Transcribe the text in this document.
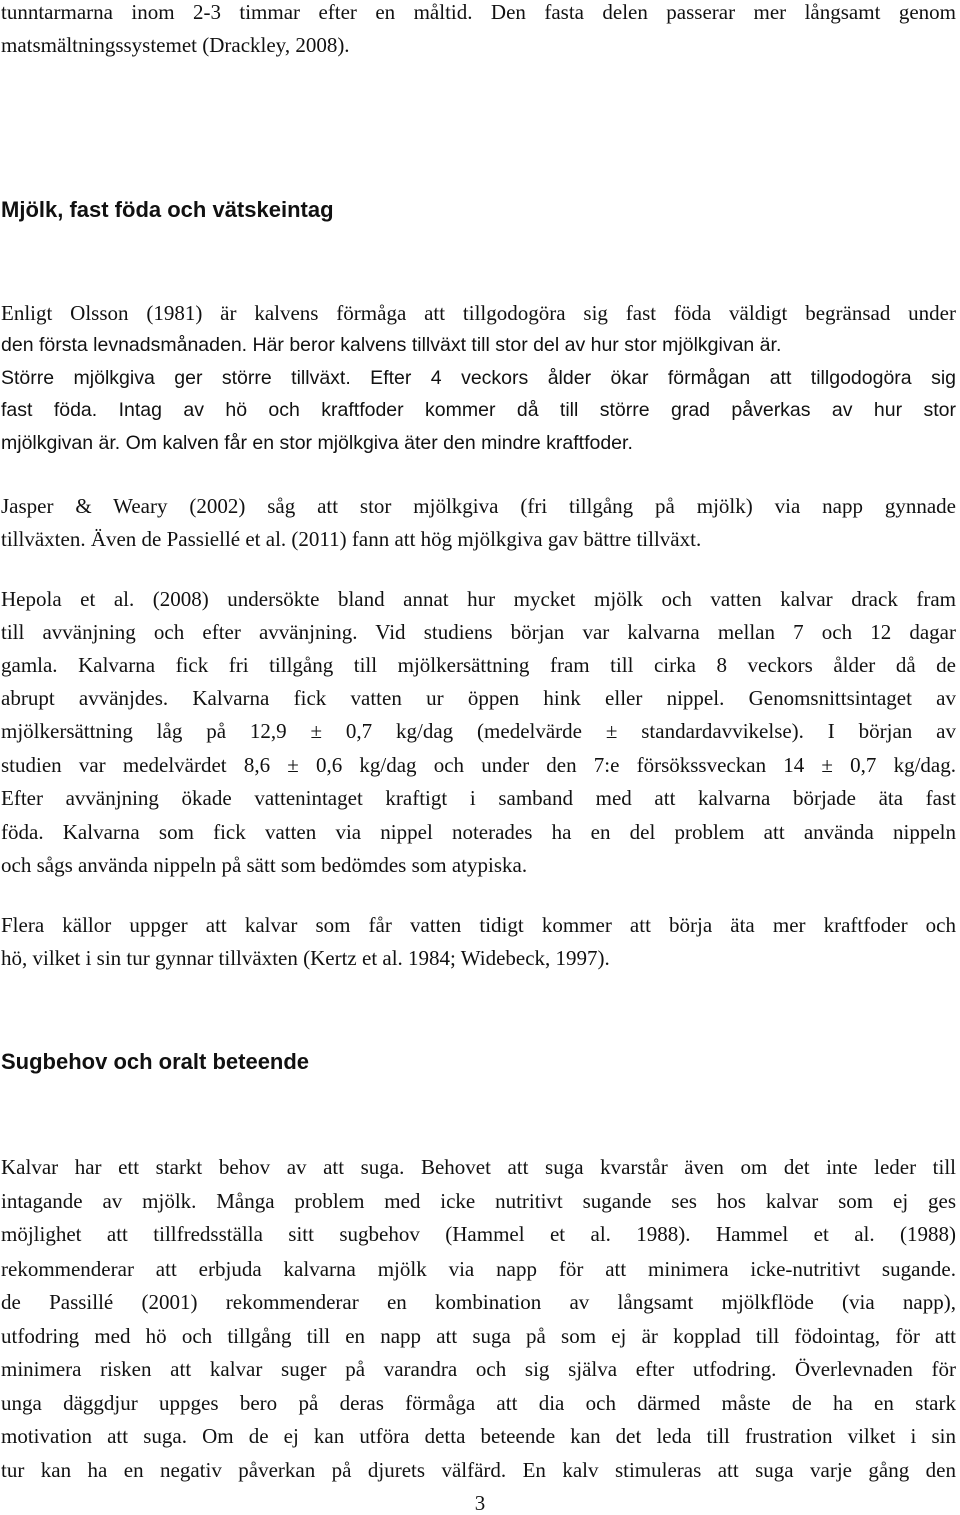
tunntarmarna inom 2-3 timmar efter en måltid. Den fasta delen passerar mer långsamt genom
matsmältningssystemet (Drackley, 2008).
Mjölk, fast föda och vätskeintag
Enligt Olsson (1981) är kalvens förmåga att tillgodogöra sig fast föda väldigt begränsad under
den första levnadsmånaden. Här beror kalvens tillväxt till stor del av hur stor mjölkgivan är.
Större mjölkgiva ger större tillväxt. Efter 4 veckors ålder ökar förmågan att tillgodogöra sig
fast föda. Intag av hö och kraftfoder kommer då till större grad påverkas av hur stor
mjölkgivan är. Om kalven får en stor mjölkgiva äter den mindre kraftfoder.
Jasper & Weary (2002) såg att stor mjölkgiva (fri tillgång på mjölk) via napp gynnade
tillväxten. Även de Passiellé et al. (2011) fann att hög mjölkgiva gav bättre tillväxt.
Hepola et al. (2008) undersökte bland annat hur mycket mjölk och vatten kalvar drack fram
till avvänjning och efter avvänjning. Vid studiens början var kalvarna mellan 7 och 12 dagar
gamla. Kalvarna fick fri tillgång till mjölkersättning fram till cirka 8 veckors ålder då de
abrupt avvänjdes. Kalvarna fick vatten ur öppen hink eller nippel. Genomsnittsintaget av
mjölkersättning låg på 12,9 ± 0,7 kg/dag (medelvärde ± standardavvikelse). I början av
studien var medelvärdet 8,6 ± 0,6 kg/dag och under den 7:e försökssveckan 14 ± 0,7 kg/dag.
Efter avvänjning ökade vattenintaget kraftigt i samband med att kalvarna började äta fast
föda. Kalvarna som fick vatten via nippel noterades ha en del problem att använda nippeln
och sågs använda nippeln på sätt som bedömdes som atypiska.
Flera källor uppger att kalvar som får vatten tidigt kommer att börja äta mer kraftfoder och
hö, vilket i sin tur gynnar tillväxten (Kertz et al. 1984; Widebeck, 1997).
Sugbehov och oralt beteende
Kalvar har ett starkt behov av att suga. Behovet att suga kvarstår även om det inte leder till
intagande av mjölk. Många problem med icke nutritivt sugande ses hos kalvar som ej ges
möjlighet att tillfredsställa sitt sugbehov (Hammel et al. 1988). Hammel et al. (1988)
rekommenderar att erbjuda kalvarna mjölk via napp för att minimera icke-nutritivt sugande.
de Passillé (2001) rekommenderar en kombination av långsamt mjölkflöde (via napp),
utfodring med hö och tillgång till en napp att suga på som ej är kopplad till födointag, för att
minimera risken att kalvar suger på varandra och sig själva efter utfodring. Överlevnaden för
unga däggdjur uppges bero på deras förmåga att dia och därmed måste de ha en stark
motivation att suga. Om de ej kan utföra detta beteende kan det leda till frustration vilket i sin
tur kan ha en negativ påverkan på djurets välfärd. En kalv stimuleras att suga varje gång den
3
